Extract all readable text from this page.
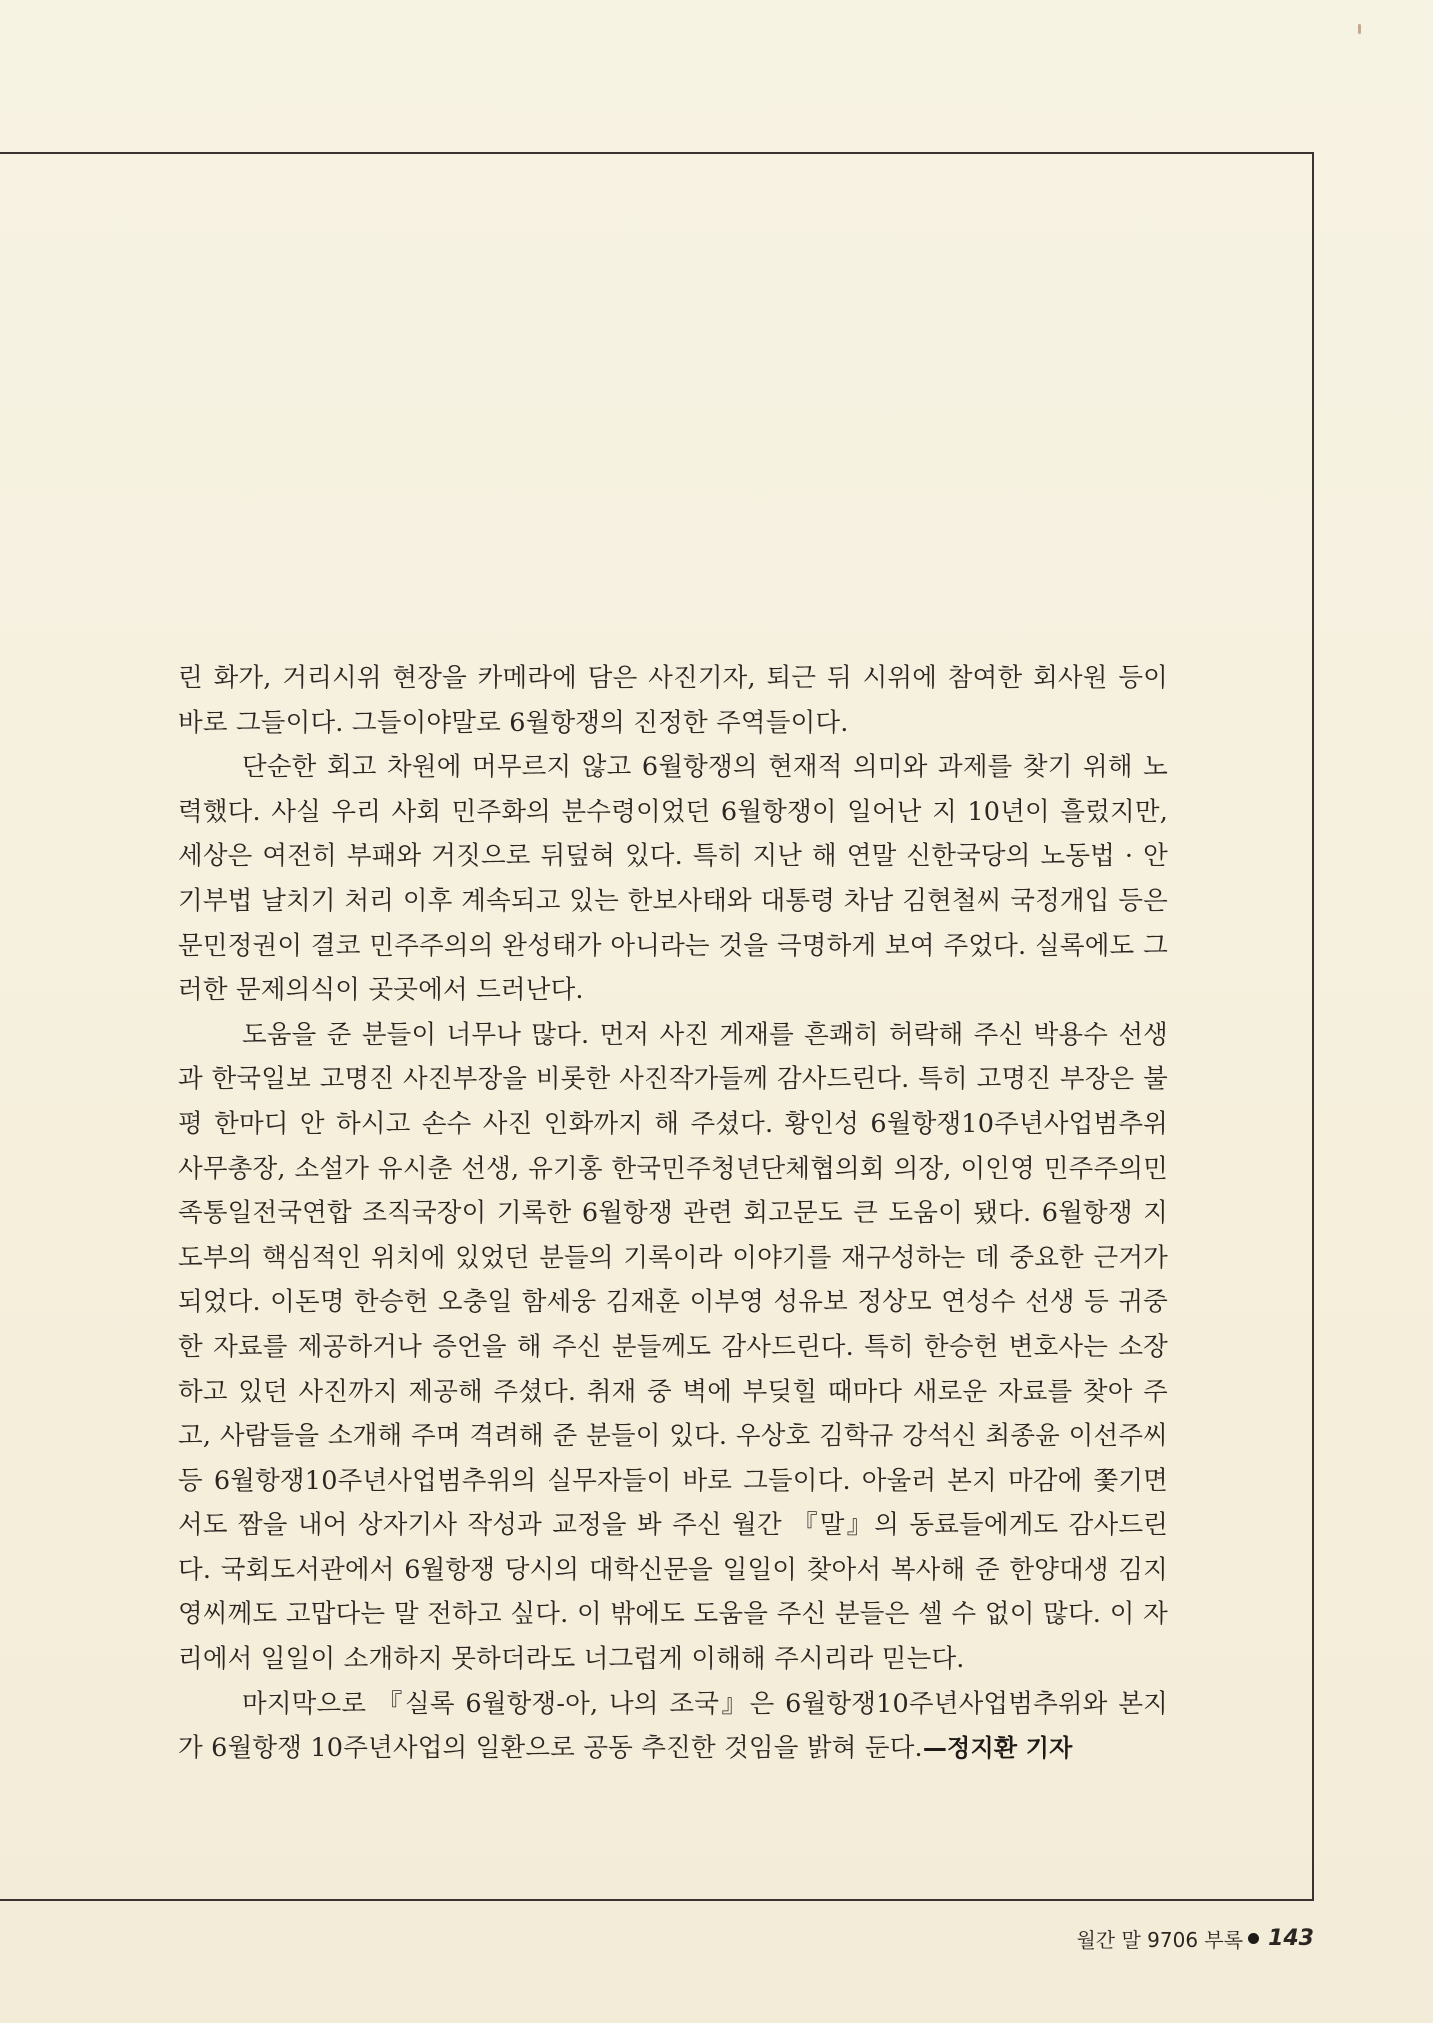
린 화가, 거리시위 현장을 카메라에 담은 사진기자, 퇴근 뒤 시위에 참여한 회사원 등이 바로 그들이다. 그들이야말로 6월항쟁의 진정한 주역들이다.

단순한 회고 차원에 머무르지 않고 6월항쟁의 현재적 의미와 과제를 찾기 위해 노력했다. 사실 우리 사회 민주화의 분수령이었던 6월항쟁이 일어난 지 10년이 흘렀지만, 세상은 여전히 부패와 거짓으로 뒤덮혀 있다. 특히 지난 해 연말 신한국당의 노동법 · 안기부법 날치기 처리 이후 계속되고 있는 한보사태와 대통령 차남 김현철씨 국정개입 등은 문민정권이 결코 민주주의의 완성태가 아니라는 것을 극명하게 보여 주었다. 실록에도 그러한 문제의식이 곳곳에서 드러난다.

도움을 준 분들이 너무나 많다. 먼저 사진 게재를 흔쾌히 허락해 주신 박용수 선생과 한국일보 고명진 사진부장을 비롯한 사진작가들께 감사드린다. 특히 고명진 부장은 불평 한마디 안 하시고 손수 사진 인화까지 해 주셨다. 황인성 6월항쟁10주년사업범추위 사무총장, 소설가 유시춘 선생, 유기홍 한국민주청년단체협의회 의장, 이인영 민주주의민족통일전국연합 조직국장이 기록한 6월항쟁 관련 회고문도 큰 도움이 됐다. 6월항쟁 지도부의 핵심적인 위치에 있었던 분들의 기록이라 이야기를 재구성하는 데 중요한 근거가 되었다. 이돈명 한승헌 오충일 함세웅 김재훈 이부영 성유보 정상모 연성수 선생 등 귀중한 자료를 제공하거나 증언을 해 주신 분들께도 감사드린다. 특히 한승헌 변호사는 소장하고 있던 사진까지 제공해 주셨다. 취재 중 벽에 부딪힐 때마다 새로운 자료를 찾아 주고, 사람들을 소개해 주며 격려해 준 분들이 있다. 우상호 김학규 강석신 최종윤 이선주씨 등 6월항쟁10주년사업범추위의 실무자들이 바로 그들이다. 아울러 본지 마감에 쫓기면서도 짬을 내어 상자기사 작성과 교정을 봐 주신 월간 『말』의 동료들에게도 감사드린다. 국회도서관에서 6월항쟁 당시의 대학신문을 일일이 찾아서 복사해 준 한양대생 김지영씨께도 고맙다는 말 전하고 싶다. 이 밖에도 도움을 주신 분들은 셀 수 없이 많다. 이 자리에서 일일이 소개하지 못하더라도 너그럽게 이해해 주시리라 믿는다.

마지막으로 『실록 6월항쟁-아, 나의 조국』은 6월항쟁10주년사업범추위와 본지가 6월항쟁 10주년사업의 일환으로 공동 추진한 것임을 밝혀 둔다.—정지환 기자

월간 말 9706 부록 143
